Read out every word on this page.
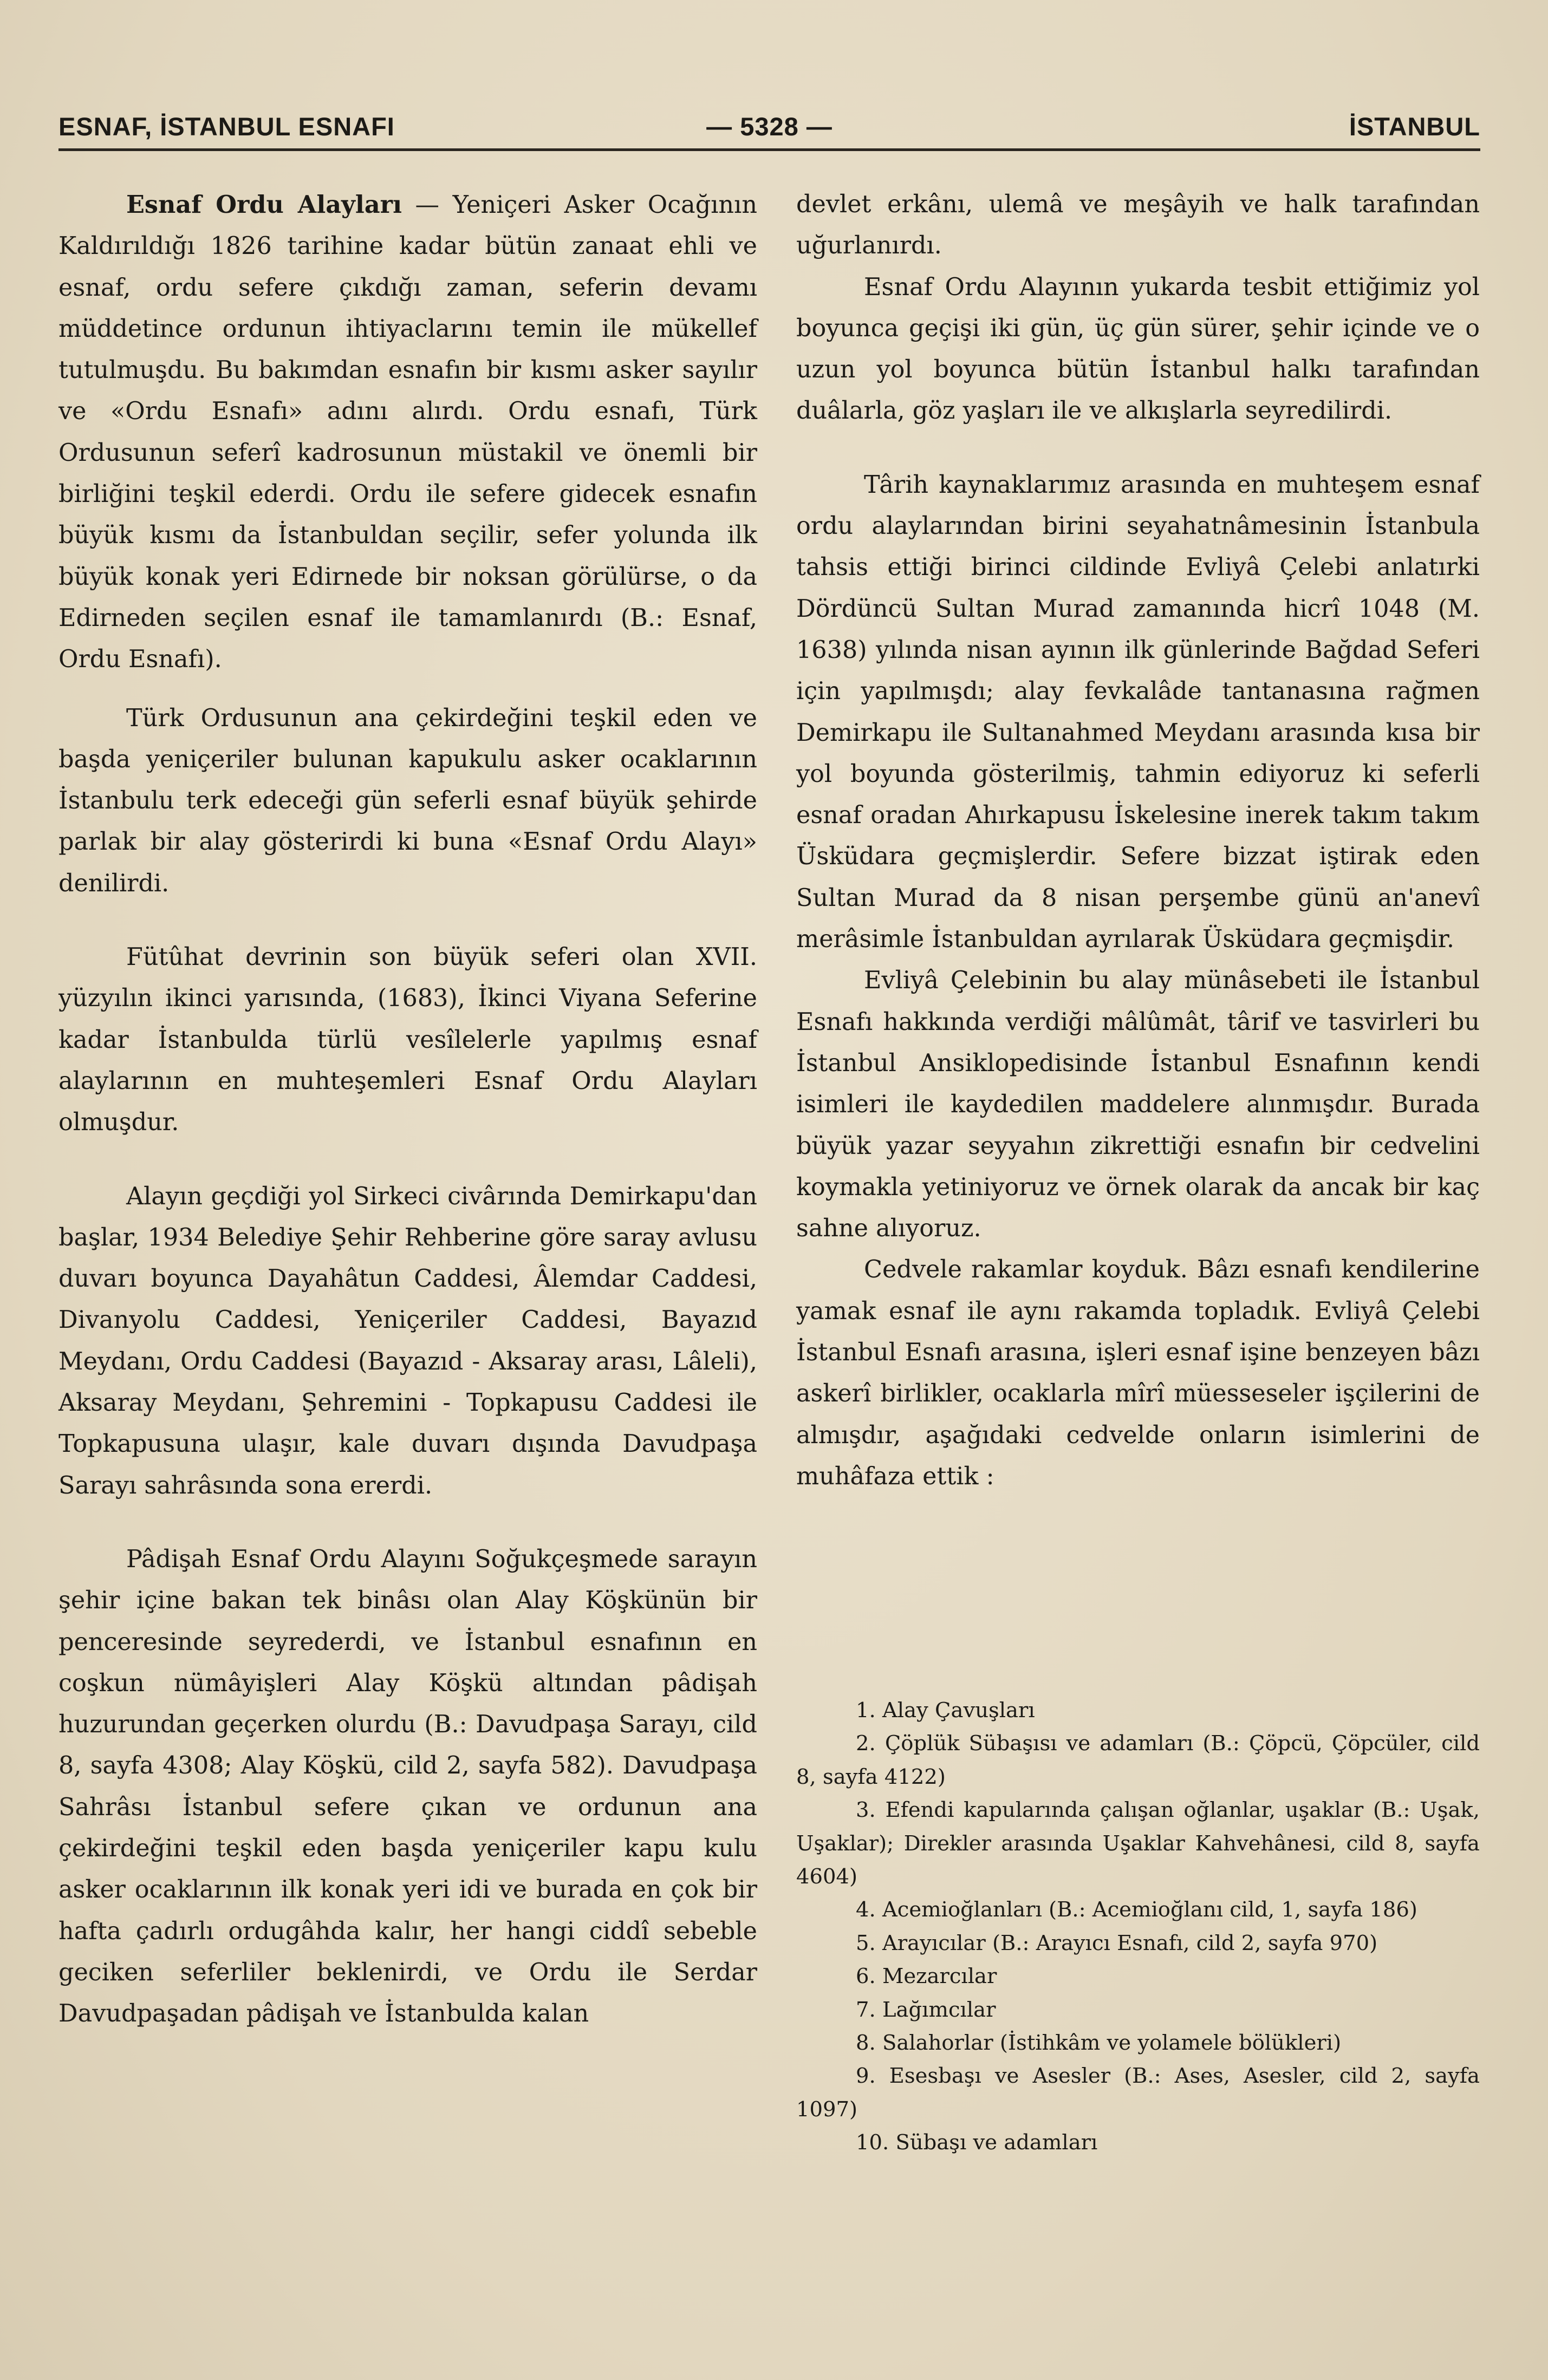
ESNAF, İSTANBUL ESNAFI	— 5328 —	İSTANBUL

Esnaf Ordu Alayları — Yeniçeri Asker Ocağının Kaldırıldığı 1826 tarihine kadar bütün zanaat ehli ve esnaf, ordu sefere çıkdığı zaman, seferin devamı müddetince ordunun ihtiyaclarını temin ile mükellef tutulmuşdu. Bu bakımdan esnafın bir kısmı asker sayılır ve «Ordu Esnafı» adını alırdı. Ordu esnafı, Türk Ordusunun seferî kadrosunun müstakil ve önemli bir birliğini teşkil ederdi. Ordu ile sefere gidecek esnafın büyük kısmı da İstanbuldan seçilir, sefer yolunda ilk büyük konak yeri Edirnede bir noksan görülürse, o da Edirneden seçilen esnaf ile tamamlanırdı (B.: Esnaf, Ordu Esnafı).

Türk Ordusunun ana çekirdeğini teşkil eden ve başda yeniçeriler bulunan kapukulu asker ocaklarının İstanbulu terk edeceği gün seferli esnaf büyük şehirde parlak bir alay gösterirdi ki buna «Esnaf Ordu Alayı» denilirdi.

Fütûhat devrinin son büyük seferi olan XVII. yüzyılın ikinci yarısında, (1683), İkinci Viyana Seferine kadar İstanbulda türlü vesîlelerle yapılmış esnaf alaylarının en muhteşemleri Esnaf Ordu Alayları olmuşdur.

Alayın geçdiği yol Sirkeci civârında Demirkapu'dan başlar, 1934 Belediye Şehir Rehberine göre saray avlusu duvarı boyunca Dayahâtun Caddesi, Âlemdar Caddesi, Divanyolu Caddesi, Yeniçeriler Caddesi, Bayazıd Meydanı, Ordu Caddesi (Bayazıd - Aksaray arası, Lâleli), Aksaray Meydanı, Şehremini - Topkapusu Caddesi ile Topkapusuna ulaşır, kale duvarı dışında Davudpaşa Sarayı sahrâsında sona ererdi.

Pâdişah Esnaf Ordu Alayını Soğukçeşmede sarayın şehir içine bakan tek binâsı olan Alay Köşkünün bir penceresinde seyrederdi, ve İstanbul esnafının en coşkun nümâyişleri Alay Köşkü altından pâdişah huzurundan geçerken olurdu (B.: Davudpaşa Sarayı, cild 8, sayfa 4308; Alay Köşkü, cild 2, sayfa 582). Davudpaşa Sahrâsı İstanbul sefere çıkan ve ordunun ana çekirdeğini teşkil eden başda yeniçeriler kapu kulu asker ocaklarının ilk konak yeri idi ve burada en çok bir hafta çadırlı ordugâhda kalır, her hangi ciddî sebeble geciken seferliler beklenirdi, ve Ordu ile Serdar Davudpaşadan pâdişah ve İstanbulda kalan

devlet erkânı, ulemâ ve meşâyih ve halk tarafından uğurlanırdı.

Esnaf Ordu Alayının yukarda tesbit ettiğimiz yol boyunca geçişi iki gün, üç gün sürer, şehir içinde ve o uzun yol boyunca bütün İstanbul halkı tarafından duâlarla, göz yaşları ile ve alkışlarla seyredilirdi.

Târih kaynaklarımız arasında en muhteşem esnaf ordu alaylarından birini seyahatnâmesinin İstanbula tahsis ettiği birinci cildinde Evliyâ Çelebi anlatırki Dördüncü Sultan Murad zamanında hicrî 1048 (M. 1638) yılında nisan ayının ilk günlerinde Bağdad Seferi için yapılmışdı; alay fevkalâde tantanasına rağmen Demirkapu ile Sultanahmed Meydanı arasında kısa bir yol boyunda gösterilmiş, tahmin ediyoruz ki seferli esnaf oradan Ahırkapusu İskelesine inerek takım takım Üsküdara geçmişlerdir. Sefere bizzat iştirak eden Sultan Murad da 8 nisan perşembe günü an'anevî merâsimle İstanbuldan ayrılarak Üsküdara geçmişdir.

Evliyâ Çelebinin bu alay münâsebeti ile İstanbul Esnafı hakkında verdiği mâlûmât, târif ve tasvirleri bu İstanbul Ansiklopedisinde İstanbul Esnafının kendi isimleri ile kaydedilen maddelere alınmışdır. Burada büyük yazar seyyahın zikrettiği esnafın bir cedvelini koymakla yetiniyoruz ve örnek olarak da ancak bir kaç sahne alıyoruz.

Cedvele rakamlar koyduk. Bâzı esnafı kendilerine yamak esnaf ile aynı rakamda topladık. Evliyâ Çelebi İstanbul Esnafı arasına, işleri esnaf işine benzeyen bâzı askerî birlikler, ocaklarla mîrî müesseseler işçilerini de almışdır, aşağıdaki cedvelde onların isimlerini de muhâfaza ettik :

1. Alay Çavuşları

2. Çöplük Sübaşısı ve adamları (B.: Çöpcü, Çöpcüler, cild 8, sayfa 4122)

3. Efendi kapularında çalışan oğlanlar, uşaklar (B.: Uşak, Uşaklar); Direkler arasında Uşaklar Kahvehânesi, cild 8, sayfa 4604)

4. Acemioğlanları (B.: Acemioğlanı cild, 1, sayfa 186)

5. Arayıcılar (B.: Arayıcı Esnafı, cild 2, sayfa 970)

6. Mezarcılar

7. Lağımcılar

8. Salahorlar (İstihkâm ve yolamele bölükleri)

9. Esesbaşı ve Asesler (B.: Ases, Asesler, cild 2, sayfa 1097)

10. Sübaşı ve adamları
